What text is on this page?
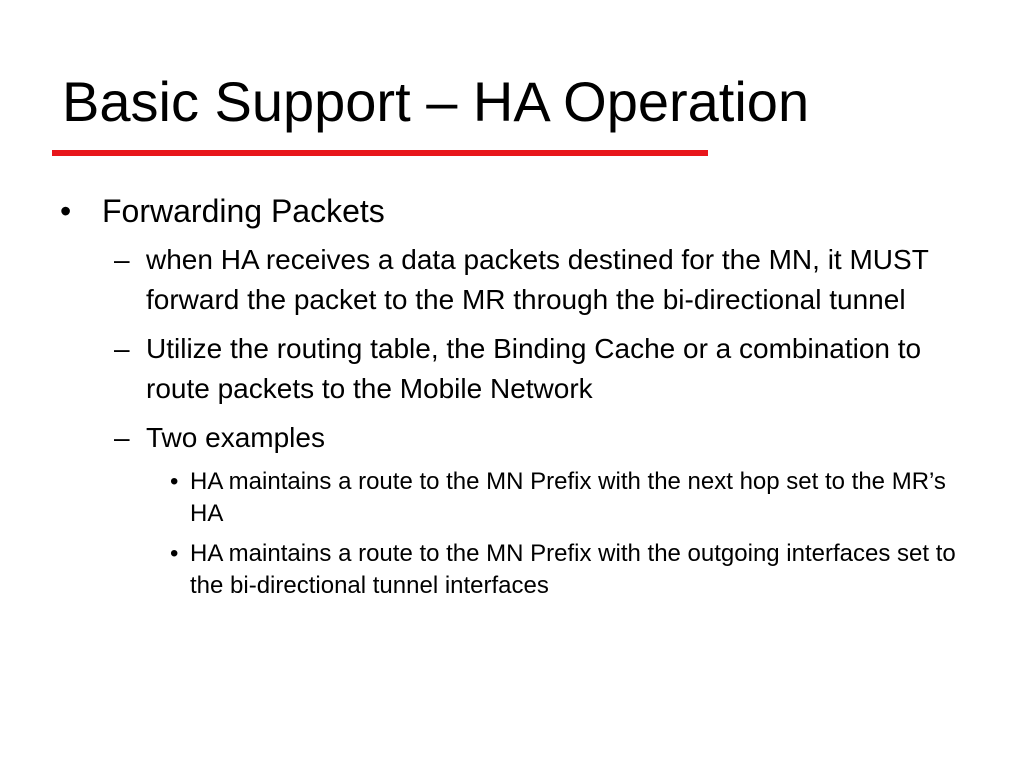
Basic Support – HA Operation
• Forwarding Packets
– when HA receives a data packets destined for the MN, it MUST forward the packet to the MR through the bi-directional tunnel
– Utilize the routing table, the Binding Cache or a combination to route packets to the Mobile Network
– Two examples
• HA maintains a route to the MN Prefix with the next hop set to the MR’s HA
• HA maintains a route to the MN Prefix with the outgoing interfaces set to the bi-directional tunnel interfaces
